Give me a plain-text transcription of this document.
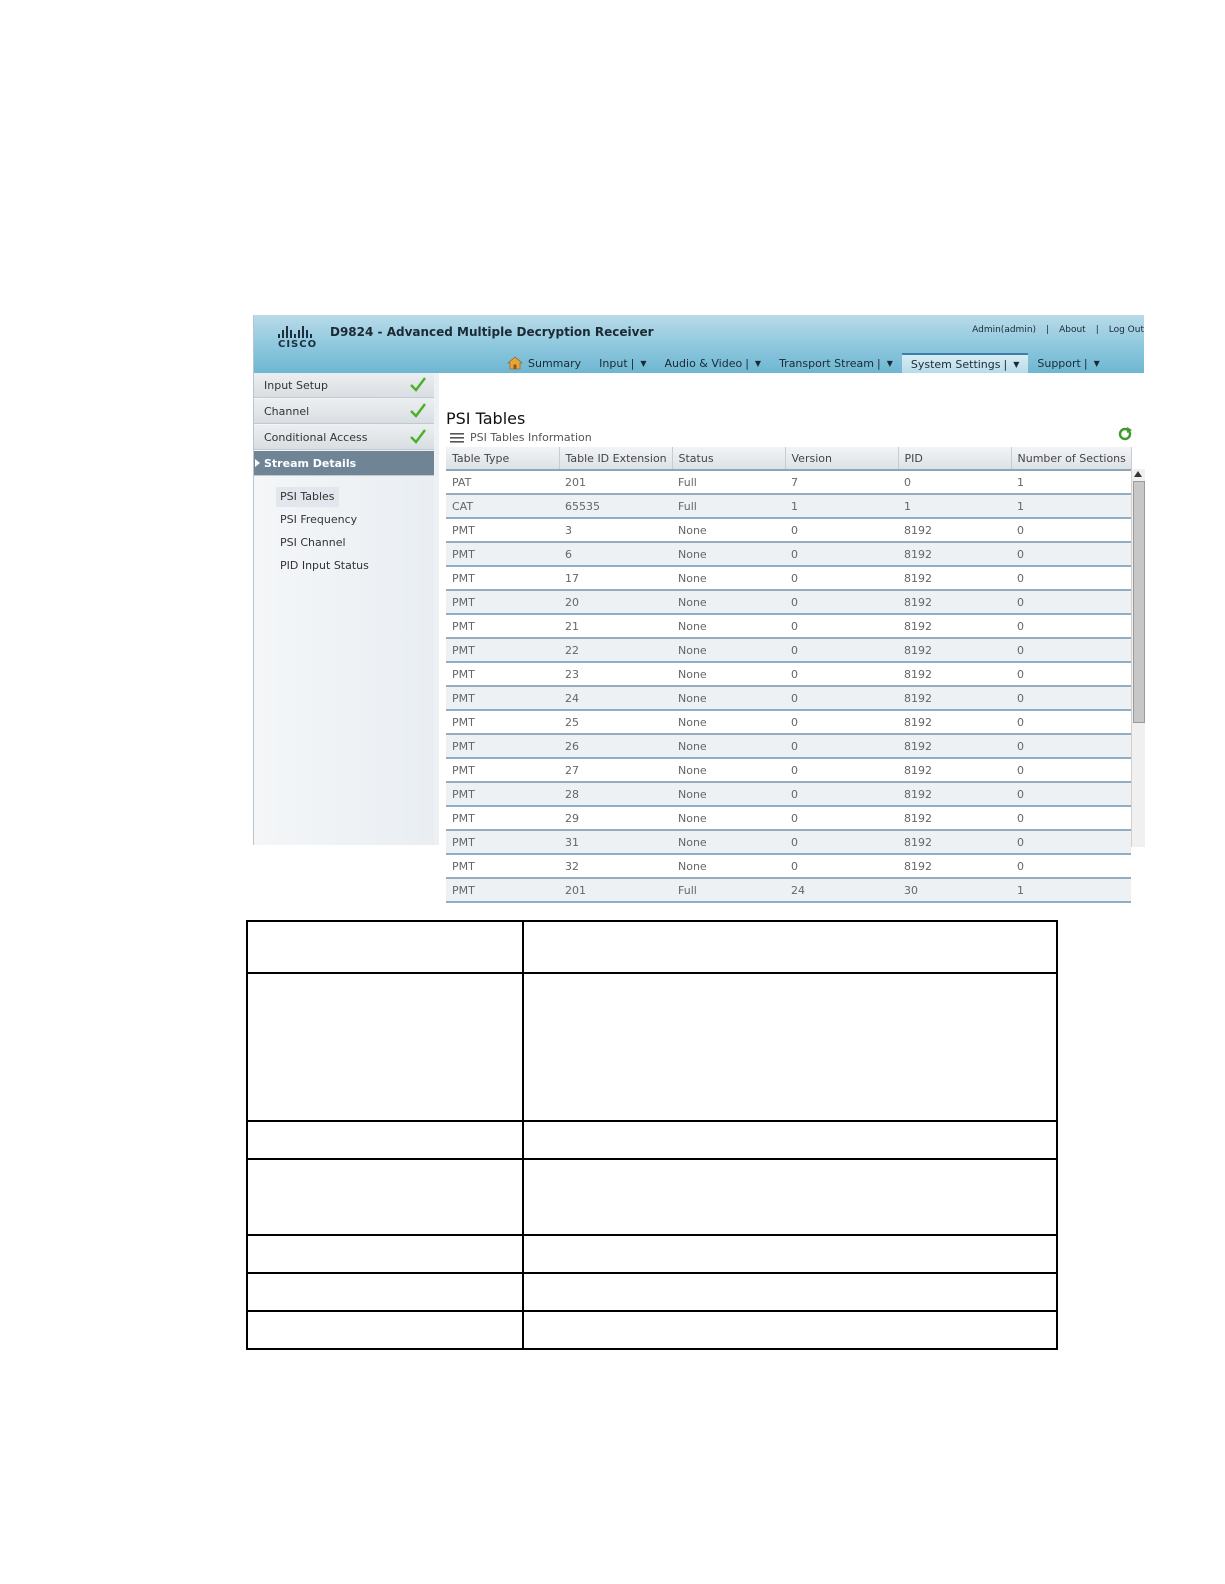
CISCO
D9824 - Advanced Multiple Decryption Receiver	Admin(admin) | About | Log Out
Summary Input | ▼ Audio & Video | ▼ Transport Stream | ▼ System Settings | ▼ Support | ▼
Input Setup
Channel
Conditional Access
Stream Details
PSI Tables
PSI Frequency
PSI Channel
PID Input Status
PSI Tables
PSI Tables Information
Table Type	Table ID Extension	Status	Version	PID	Number of Sections
PAT	201	Full	7	0	1
CAT	65535	Full	1	1	1
PMT	3	None	0	8192	0
PMT	6	None	0	8192	0
PMT	17	None	0	8192	0
PMT	20	None	0	8192	0
PMT	21	None	0	8192	0
PMT	22	None	0	8192	0
PMT	23	None	0	8192	0
PMT	24	None	0	8192	0
PMT	25	None	0	8192	0
PMT	26	None	0	8192	0
PMT	27	None	0	8192	0
PMT	28	None	0	8192	0
PMT	29	None	0	8192	0
PMT	31	None	0	8192	0
PMT	32	None	0	8192	0
PMT	201	Full	24	30	1
